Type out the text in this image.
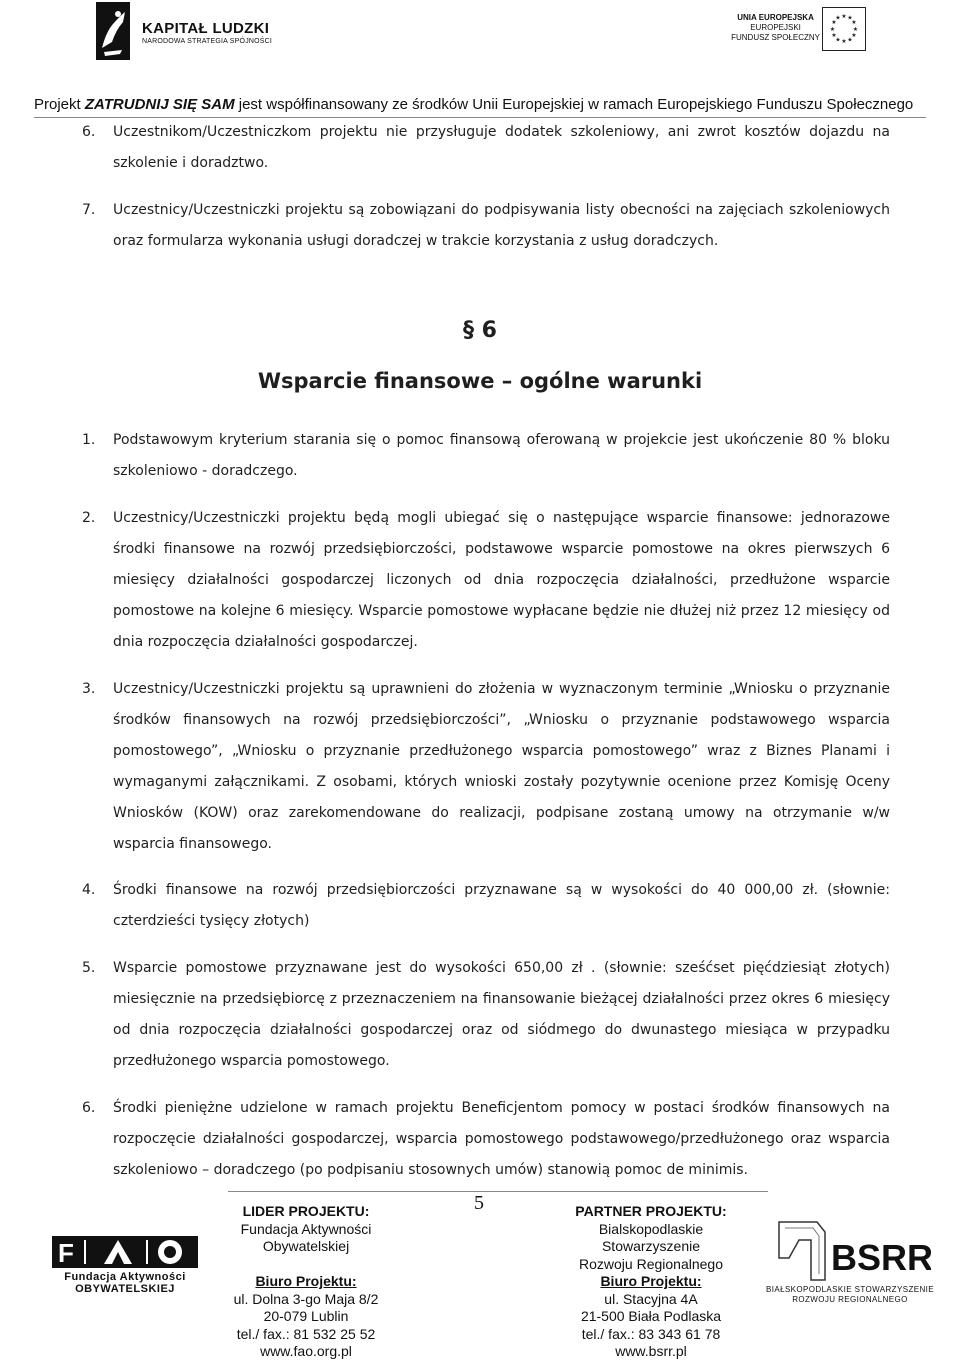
KAPITAŁ LUDZKI
NARODOWA STRATEGIA SPÓJNOŚCI
UNIA EUROPEJSKA
EUROPEJSKI
FUNDUSZ SPOŁECZNY
★ ★
★
★
★
★
★
★
★
★
★
★
Projekt ZATRUDNIJ SIĘ SAM jest współfinansowany ze środków Unii Europejskiej w ramach Europejskiego Funduszu Społecznego
6. Uczestnikom/Uczestniczkom projektu nie przysługuje dodatek szkoleniowy, ani zwrot kosztów dojazdu na szkolenie i doradztwo.
7. Uczestnicy/Uczestniczki projektu są zobowiązani do podpisywania listy obecności na zajęciach szkoleniowych oraz formularza wykonania usługi doradczej w trakcie korzystania z usług doradczych.
§ 6
Wsparcie finansowe – ogólne warunki
1. Podstawowym kryterium starania się o pomoc finansową oferowaną w projekcie jest ukończenie 80 % bloku szkoleniowo - doradczego.
2. Uczestnicy/Uczestniczki projektu będą mogli ubiegać się o następujące wsparcie finansowe: jednorazowe środki finansowe na rozwój przedsiębiorczości, podstawowe wsparcie pomostowe na okres pierwszych 6 miesięcy działalności gospodarczej liczonych od dnia rozpoczęcia działalności, przedłużone wsparcie pomostowe na kolejne 6 miesięcy. Wsparcie pomostowe wypłacane będzie nie dłużej niż przez 12 miesięcy od dnia rozpoczęcia działalności gospodarczej.
3. Uczestnicy/Uczestniczki projektu są uprawnieni do złożenia w wyznaczonym terminie „Wniosku o przyznanie środków finansowych na rozwój przedsiębiorczości”, „Wniosku o przyznanie podstawowego wsparcia pomostowego”, „Wniosku o przyznanie przedłużonego wsparcia pomostowego” wraz z Biznes Planami i wymaganymi załącznikami. Z osobami, których wnioski zostały pozytywnie ocenione przez Komisję Oceny Wniosków (KOW) oraz zarekomendowane do realizacji, podpisane zostaną umowy na otrzymanie w/w wsparcia finansowego.
4. Środki finansowe na rozwój przedsiębiorczości przyznawane są w wysokości do 40 000,00 zł. (słownie: czterdzieści tysięcy złotych)
5. Wsparcie pomostowe przyznawane jest do wysokości 650,00 zł . (słownie: sześćset pięćdziesiąt złotych) miesięcznie na przedsiębiorcę z przeznaczeniem na finansowanie bieżącej działalności przez okres 6 miesięcy od dnia rozpoczęcia działalności gospodarczej oraz od siódmego do dwunastego miesiąca w przypadku przedłużonego wsparcia pomostowego.
6. Środki pieniężne udzielone w ramach projektu Beneficjentom pomocy w postaci środków finansowych na rozpoczęcie działalności gospodarczej, wsparcia pomostowego podstawowego/przedłużonego oraz wsparcia szkoleniowo – doradczego (po podpisaniu stosownych umów) stanowią pomoc de minimis.
5
F
Fundacja Aktywności
OBYWATELSKIEJ
LIDER PROJEKTU:
Fundacja Aktywności
Obywatelskiej
Biuro Projektu:
ul. Dolna 3-go Maja 8/2
20-079 Lublin
tel./ fax.: 81 532 25 52
www.fao.org.pl
PARTNER PROJEKTU:
Bialskopodlaskie
Stowarzyszenie
Rozwoju Regionalnego
Biuro Projektu:
ul. Stacyjna 4A
21-500 Biała Podlaska
tel./ fax.: 83 343 61 78
www.bsrr.pl
BSRR
BIAŁSKOPODLASKIE STOWARZYSZENIE
ROZWOJU REGIONALNEGO
